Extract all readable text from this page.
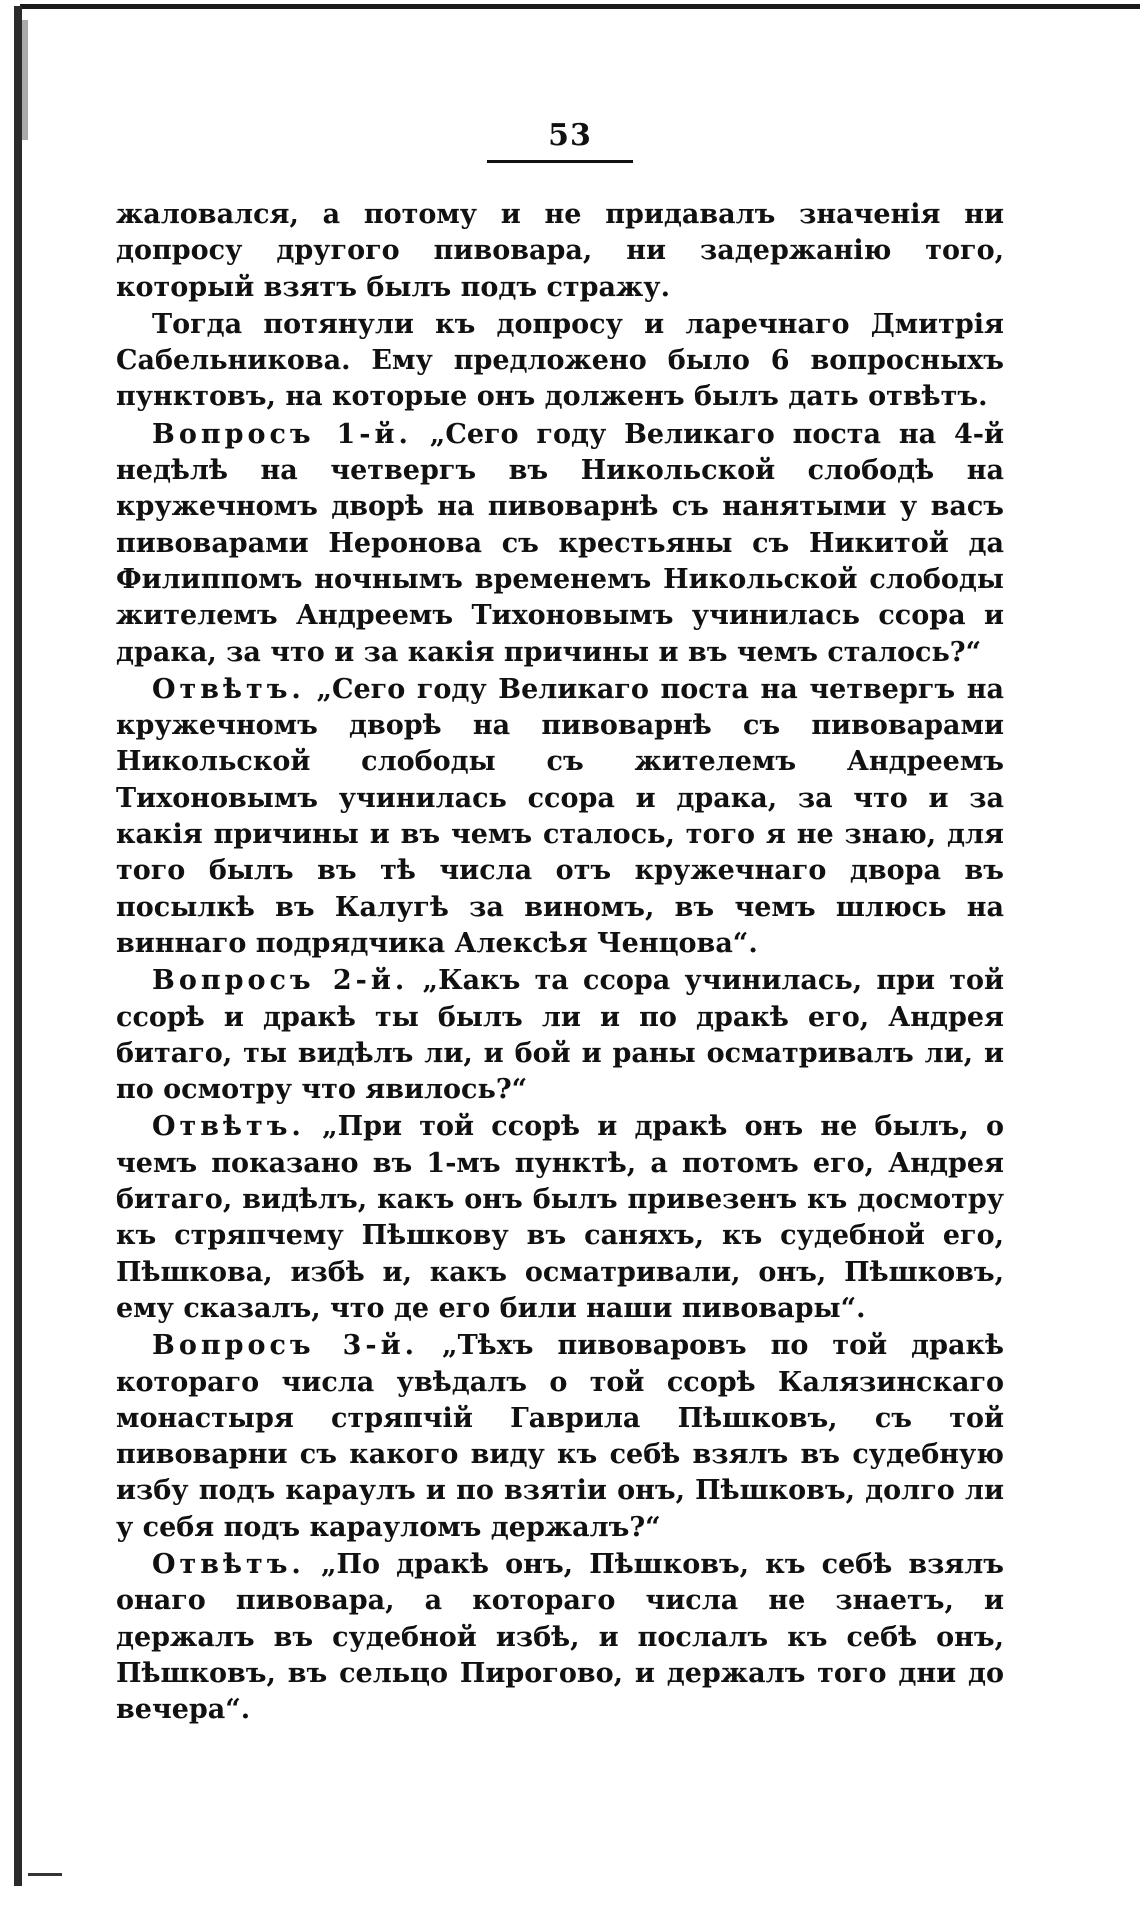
53

жаловался, а потому и не придавалъ значенія ни допросу другого пивовара, ни задержанію того, который взятъ былъ подъ стражу.

Тогда потянули къ допросу и ларечнаго Дмитрія Сабельникова. Ему предложено было 6 вопросныхъ пунктовъ, на которые онъ долженъ былъ дать отвѣтъ.

Вопросъ 1-й. „Сего году Великаго поста на 4-й недѣлѣ на четвергъ въ Никольской слободѣ на кружечномъ дворѣ на пивоварнѣ съ нанятыми у васъ пивоварами Неронова съ крестьяны съ Никитой да Филиппомъ ночнымъ временемъ Никольской слободы жителемъ Андреемъ Тихоновымъ учинилась ссора и драка, за что и за какія причины и въ чемъ сталось?“

Отвѣтъ. „Сего году Великаго поста на четвергъ на кружечномъ дворѣ на пивоварнѣ съ пивоварами Никольской слободы съ жителемъ Андреемъ Тихоновымъ учинилась ссора и драка, за что и за какія причины и въ чемъ сталось, того я не знаю, для того былъ въ тѣ числа отъ кружечнаго двора въ посылкѣ въ Калугѣ за виномъ, въ чемъ шлюсь на виннаго подрядчика Алексѣя Ченцова“.

Вопросъ 2-й. „Какъ та ссора учинилась, при той ссорѣ и дракѣ ты былъ ли и по дракѣ его, Андрея битаго, ты видѣлъ ли, и бой и раны осматривалъ ли, и по осмотру что явилось?“

Отвѣтъ. „При той ссорѣ и дракѣ онъ не былъ, о чемъ показано въ 1-мъ пунктѣ, а потомъ его, Андрея битаго, видѣлъ, какъ онъ былъ привезенъ къ досмотру къ стряпчему Пѣшкову въ саняхъ, къ судебной его, Пѣшкова, избѣ и, какъ осматривали, онъ, Пѣшковъ, ему сказалъ, что де его били наши пивовары“.

Вопросъ 3-й. „Тѣхъ пивоваровъ по той дракѣ котораго числа увѣдалъ о той ссорѣ Калязинскаго монастыря стряпчій Гаврила Пѣшковъ, съ той пивоварни съ какого виду къ себѣ взялъ въ судебную избу подъ караулъ и по взятіи онъ, Пѣшковъ, долго ли у себя подъ карауломъ держалъ?“

Отвѣтъ. „По дракѣ онъ, Пѣшковъ, къ себѣ взялъ онаго пивовара, а котораго числа не знаетъ, и держалъ въ судебной избѣ, и послалъ къ себѣ онъ, Пѣшковъ, въ сельцо Пирогово, и держалъ того дни до вечера“.
